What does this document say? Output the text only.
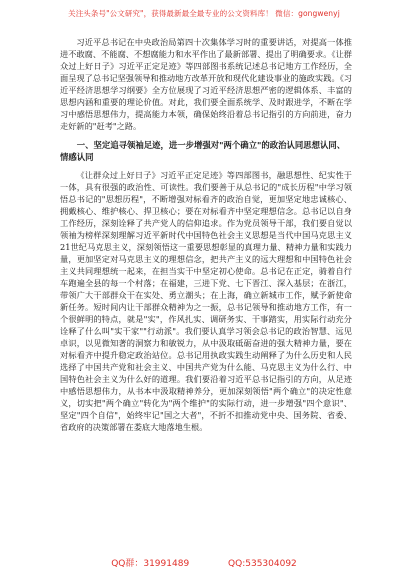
关注头条号"公文研究"，获得最新最全最专业的公文资料库！ 微信：gongwenyj

习近平总书记在中央政治局第四十次集体学习时的重要讲话，对提高一体推进不敢腐、不能腐、不想腐能力和水平作出了最新部署、提出了明确要求。《让群众过上好日子》习近平正定足迹》等四部图书系统记述总书记地方工作经历，全面呈现了总书记坚强领导和推动地方改革开放和现代化建设事业的施政实践。《习近平经济思想学习纲要》全方位展现了习近平经济思想严密的逻辑体系、丰富的思想内涵和重要的理论价值。对此，我们要全面系统学、及时跟进学，不断在学习中感悟思想伟力，提高能力本领，确保始终沿着总书记指引的方向前进，奋力走好新的"赶考"之路。

一、坚定追寻领袖足迹，进一步增强对"两个确立"的政治认同思想认同、情感认同

《让群众过上好日子》习近平正定足迹》等四部图书，融思想性、纪实性于一体，具有很强的政治性、可读性。我们要善于从总书记的"成长历程"中学习领悟总书记的"思想历程"，不断增强对标看齐的政治自觉，更加坚定地忠诚核心、拥戴核心、维护核心、捍卫核心；要在对标看齐中坚定理想信念。总书记以自身工作经历，深刻诠释了共产党人的信仰追求。作为党员领导干部，我们要自觉以领袖为榜样深刻理解习近平新时代中国特色社会主义思想是当代中国马克思主义21世纪马克思主义，深刻领悟这一重要思想彰显的真理力量、精神力量和实践力量，更加坚定对马克思主义的理想信念，把共产主义的远大理想和中国特色社会主义共同理想统一起来，在担当实干中坚定初心使命。总书记在正定，骑着自行车跑遍全县的每一个村落；在福建，三进下党、七下晋江、深入基层；在浙江，带领广大干部群众干在实处、勇立潮头；在上海，确立新城市工作，赋予新使命新任务。短时间内让干部群众精神为之一振，总书记领导和推动地方工作，有一个很鲜明的特点，就是"实"，作风扎实、调研务实、干事踏实，用实际行动充分诠释了什么叫"实干家""行动派"。我们要认真学习领会总书记的政治智慧、远见卓识，以见微知著的洞察力和敏锐力，从中汲取砥砺奋进的强大精神力量，要在对标看齐中提升稳定政治站位。总书记用执政实践生动阐释了为什么历史和人民选择了中国共产党和社会主义、中国共产党为什么能、马克思主义为什么行、中国特色社会主义为什么好的道理。我们要沿着习近平总书记指引的方向，从足迹中感悟思想伟力，从书本中汲取精神养分，更加深刻领悟"两个确立"的决定性意义，切实把"两个确立"转化为"两个维护"的实际行动，进一步增强"四个意识"、坚定"四个自信"，始终牢记"国之大者"，不折不扣推动党中央、国务院、省委、省政府的决策部署在娄底大地落地生根。

QQ群：31991489	QQ:535304092
